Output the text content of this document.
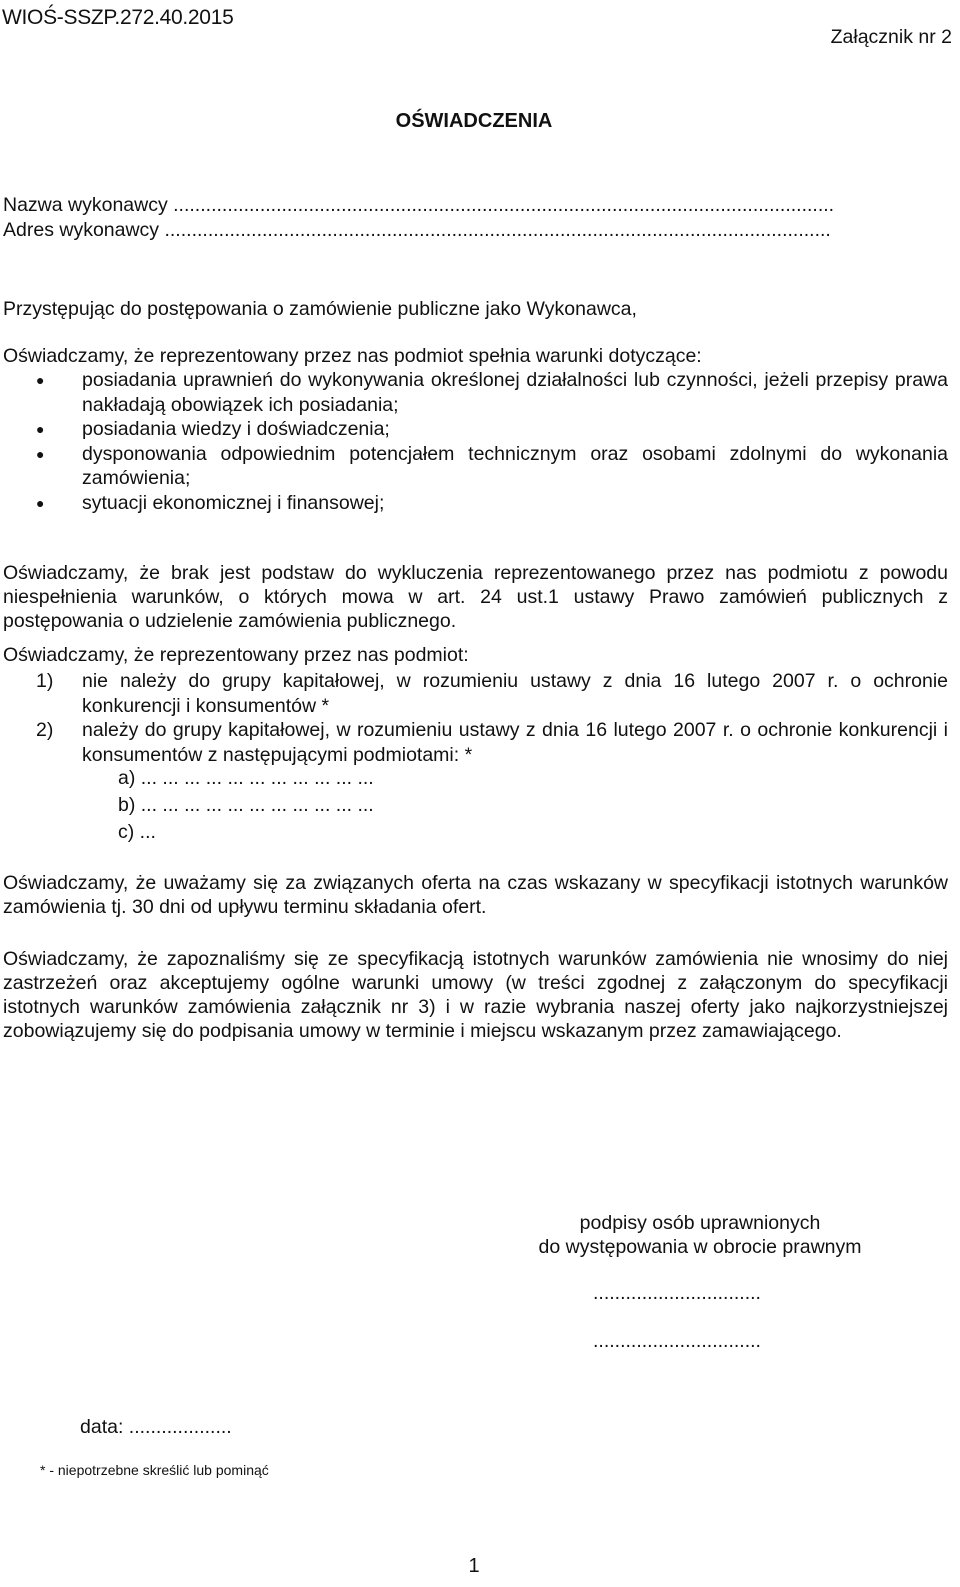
WIOŚ-SSZP.272.40.2015
Załącznik nr 2
OŚWIADCZENIA
Nazwa wykonawcy ..........................................................................................................................
Adres wykonawcy ...........................................................................................................................
Przystępując do postępowania o zamówienie publiczne jako Wykonawca,
Oświadczamy, że reprezentowany przez nas podmiot spełnia warunki dotyczące:
● posiadania uprawnień do wykonywania określonej działalności lub czynności, jeżeli przepisy prawa nakładają obowiązek ich posiadania;
● posiadania wiedzy i doświadczenia;
● dysponowania odpowiednim potencjałem technicznym oraz osobami zdolnymi do wykonania zamówienia;
● sytuacji ekonomicznej i finansowej;
Oświadczamy, że brak jest podstaw do wykluczenia reprezentowanego przez nas podmiotu z powodu niespełnienia warunków, o których mowa w art. 24 ust.1 ustawy Prawo zamówień publicznych z postępowania o udzielenie zamówienia publicznego.
Oświadczamy, że reprezentowany przez nas podmiot:
1) nie należy do grupy kapitałowej, w rozumieniu ustawy z dnia 16 lutego 2007 r. o ochronie konkurencji i konsumentów *
2) należy do grupy kapitałowej, w rozumieniu ustawy z dnia 16 lutego 2007 r. o ochronie konkurencji i konsumentów z następującymi podmiotami: *
a) ... ... ... ... ... ... ... ... ... ... ...
b) ... ... ... ... ... ... ... ... ... ... ...
c) ...
Oświadczamy, że uważamy się za związanych oferta na czas wskazany w specyfikacji istotnych warunków zamówienia tj. 30 dni od upływu terminu składania ofert.
Oświadczamy, że zapoznaliśmy się ze specyfikacją istotnych warunków zamówienia nie wnosimy do niej zastrzeżeń oraz akceptujemy ogólne warunki umowy (w treści zgodnej z załączonym do specyfikacji istotnych warunków zamówienia załącznik nr 3) i w razie wybrania naszej oferty jako najkorzystniejszej zobowiązujemy się do podpisania umowy w terminie i miejscu wskazanym przez zamawiającego.
podpisy osób uprawnionych
do występowania w obrocie prawnym
...............................
...............................
data: ...................
* - niepotrzebne skreślić lub pominąć
1
